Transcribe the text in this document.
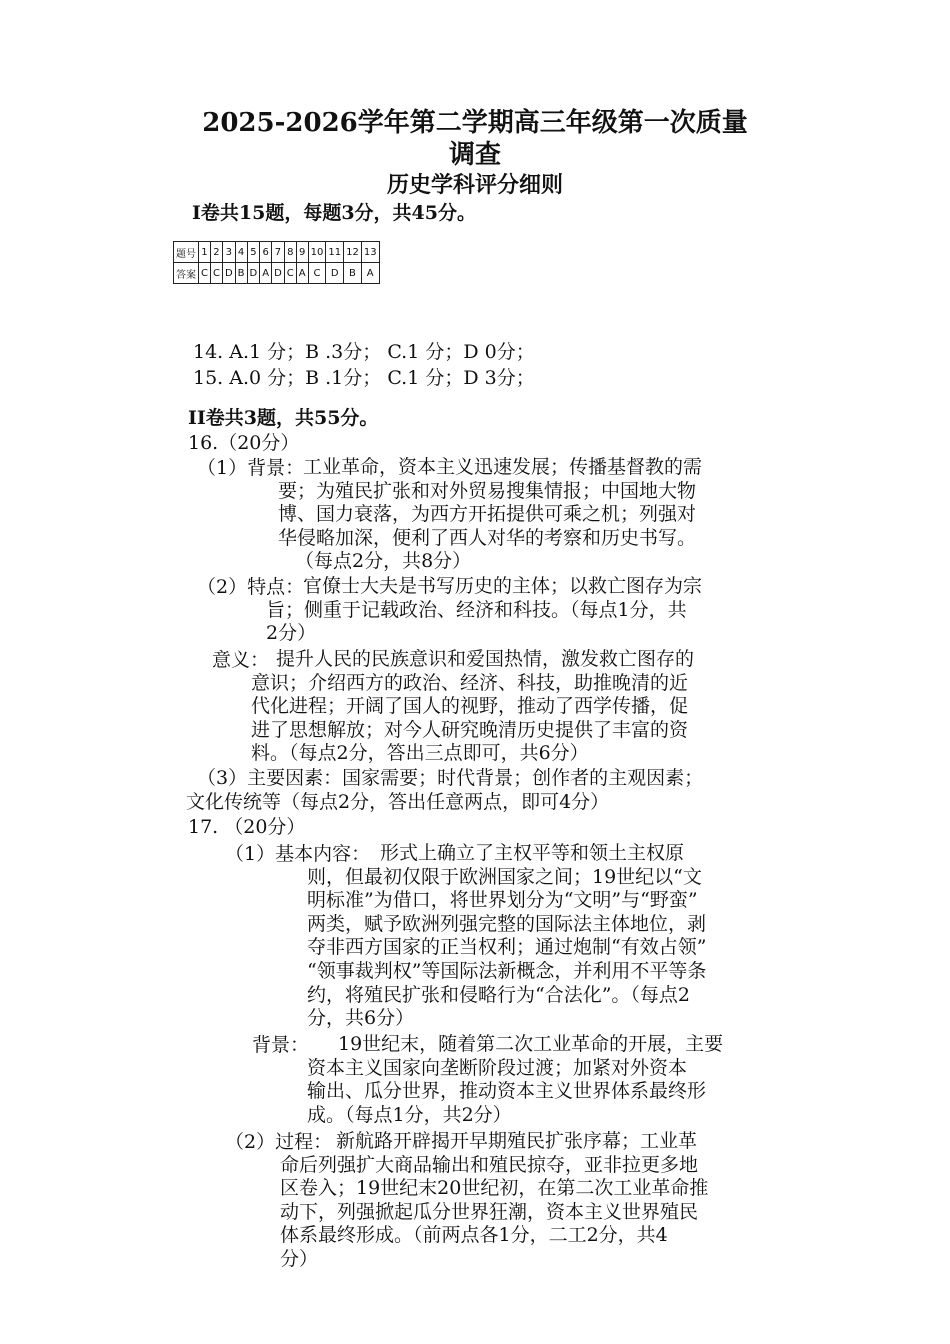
2025-2026学年第二学期高三年级第一次质量
调查
历史学科评分细则
I卷共15题，每题3分，共45分。
题号	1	2	3	4	5	6	7	8	9	10	11	12	13
答案	C	C	D	B	D	A	D	C	A	C	D	B	A
14. A.1 分；B .3分； C.1 分；D 0分；
15. A.0 分；B .1分； C.1 分；D 3分；
II卷共3题，共55分。
16.（20分）
（1）背景：
工业革命，资本主义迅速发展；传播基督教的需
要；为殖民扩张和对外贸易搜集情报；中国地大物
博、国力衰落，为西方开拓提供可乘之机；列强对
华侵略加深，便利了西人对华的考察和历史书写。
（每点2分，共8分）
（2）特点：
官僚士大夫是书写历史的主体；以救亡图存为宗
旨；侧重于记载政治、经济和科技。（每点1分，共
2分）
意义： 提升人民的民族意识和爱国热情，激发救亡图存的
意识；介绍西方的政治、经济、科技，助推晚清的近
代化进程；开阔了国人的视野，推动了西学传播，促
进了思想解放；对今人研究晚清历史提供了丰富的资
料。（每点2分，答出三点即可，共6分）
（3）主要因素：国家需要；时代背景；创作者的主观因素；
文化传统等（每点2分，答出任意两点，即可4分）
17. （20分）
（1）基本内容： 形式上确立了主权平等和领土主权原
则，但最初仅限于欧洲国家之间；19世纪以“文
明标准”为借口，将世界划分为“文明”与“野蛮”
两类，赋予欧洲列强完整的国际法主体地位，剥
夺非西方国家的正当权利；通过炮制“有效占领”
“领事裁判权”等国际法新概念，并利用不平等条
约，将殖民扩张和侵略行为“合法化”。（每点2
分，共6分）
背景： 19世纪末，随着第二次工业革命的开展，主要
资本主义国家向垄断阶段过渡；加紧对外资本
输出、瓜分世界，推动资本主义世界体系最终形
成。（每点1分，共2分）
（2）过程： 新航路开辟揭开早期殖民扩张序幕；工业革
命后列强扩大商品输出和殖民掠夺，亚非拉更多地
区卷入；19世纪末20世纪初，在第二次工业革命推
动下，列强掀起瓜分世界狂潮，资本主义世界殖民
体系最终形成。（前两点各1分，二工2分，共4
分）
